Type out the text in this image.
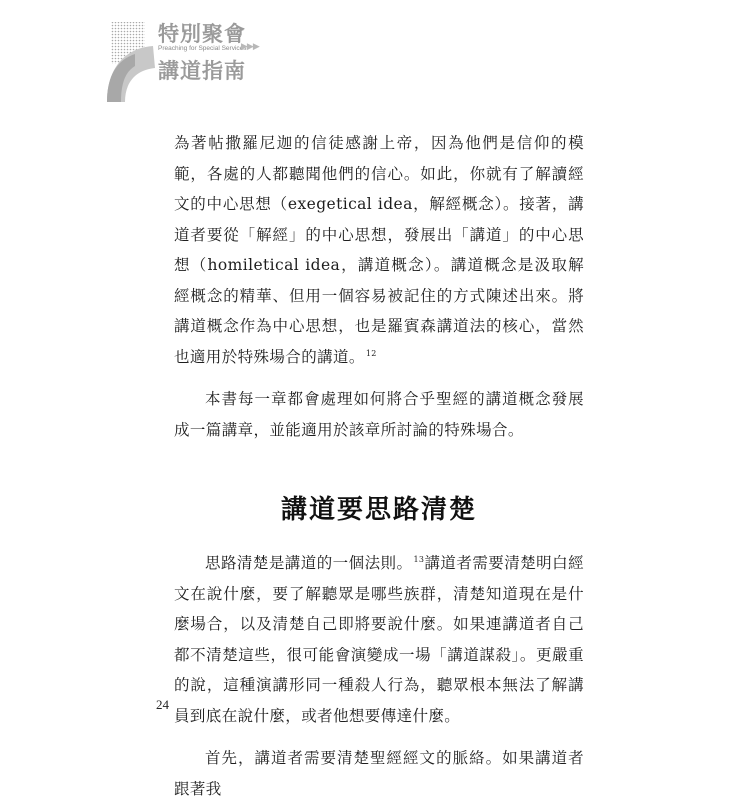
特別聚會
Preaching for Special Services
▶▶▶
講道指南

為著帖撒羅尼迦的信徒感謝上帝，因為他們是信仰的模範，各處的人都聽聞他們的信心。如此，你就有了解讀經文的中心思想（exegetical idea，解經概念）。接著，講道者要從「解經」的中心思想，發展出「講道」的中心思想（homiletical idea，講道概念）。講道概念是汲取解經概念的精華、但用一個容易被記住的方式陳述出來。將講道概念作為中心思想，也是羅賓森講道法的核心，當然也適用於特殊場合的講道。$^{12}$

本書每一章都會處理如何將合乎聖經的講道概念發展成一篇講章，並能適用於該章所討論的特殊場合。

講道要思路清楚

思路清楚是講道的一個法則。$^{13}$講道者需要清楚明白經文在說什麼，要了解聽眾是哪些族群，清楚知道現在是什麼場合，以及清楚自己即將要說什麼。如果連講道者自己都不清楚這些，很可能會演變成一場「講道謀殺」。更嚴重的說，這種演講形同一種殺人行為，聽眾根本無法了解講員到底在說什麼，或者他想要傳達什麼。

首先，講道者需要清楚聖經經文的脈絡。如果講道者跟著我

24
